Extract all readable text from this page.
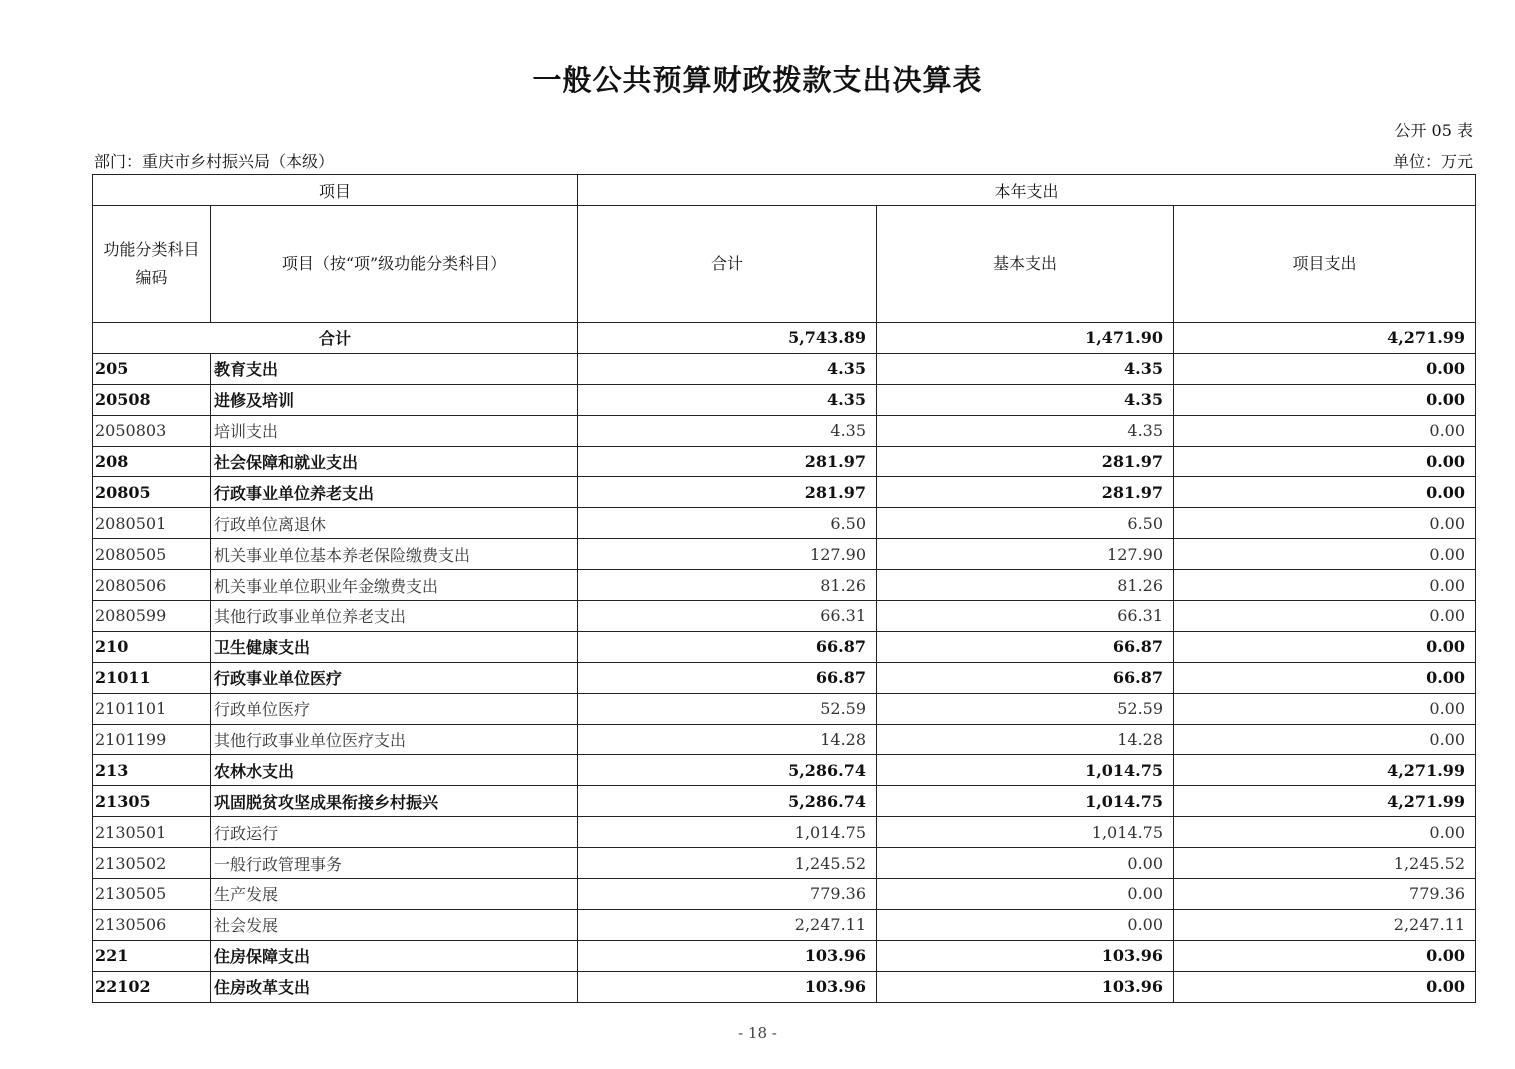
一般公共预算财政拨款支出决算表
公开 05 表
部门：重庆市乡村振兴局（本级）	单位：万元
项目		本年支出		
功能分类科目编码	项目（按“项”级功能分类科目）	合计	基本支出	项目支出
合计		5,743.89	1,471.90	4,271.99
205	教育支出	4.35	4.35	0.00
20508	进修及培训	4.35	4.35	0.00
2050803	培训支出	4.35	4.35	0.00
208	社会保障和就业支出	281.97	281.97	0.00
20805	行政事业单位养老支出	281.97	281.97	0.00
2080501	行政单位离退休	6.50	6.50	0.00
2080505	机关事业单位基本养老保险缴费支出	127.90	127.90	0.00
2080506	机关事业单位职业年金缴费支出	81.26	81.26	0.00
2080599	其他行政事业单位养老支出	66.31	66.31	0.00
210	卫生健康支出	66.87	66.87	0.00
21011	行政事业单位医疗	66.87	66.87	0.00
2101101	行政单位医疗	52.59	52.59	0.00
2101199	其他行政事业单位医疗支出	14.28	14.28	0.00
213	农林水支出	5,286.74	1,014.75	4,271.99
21305	巩固脱贫攻坚成果衔接乡村振兴	5,286.74	1,014.75	4,271.99
2130501	行政运行	1,014.75	1,014.75	0.00
2130502	一般行政管理事务	1,245.52	0.00	1,245.52
2130505	生产发展	779.36	0.00	779.36
2130506	社会发展	2,247.11	0.00	2,247.11
221	住房保障支出	103.96	103.96	0.00
22102	住房改革支出	103.96	103.96	0.00
- 18 -
